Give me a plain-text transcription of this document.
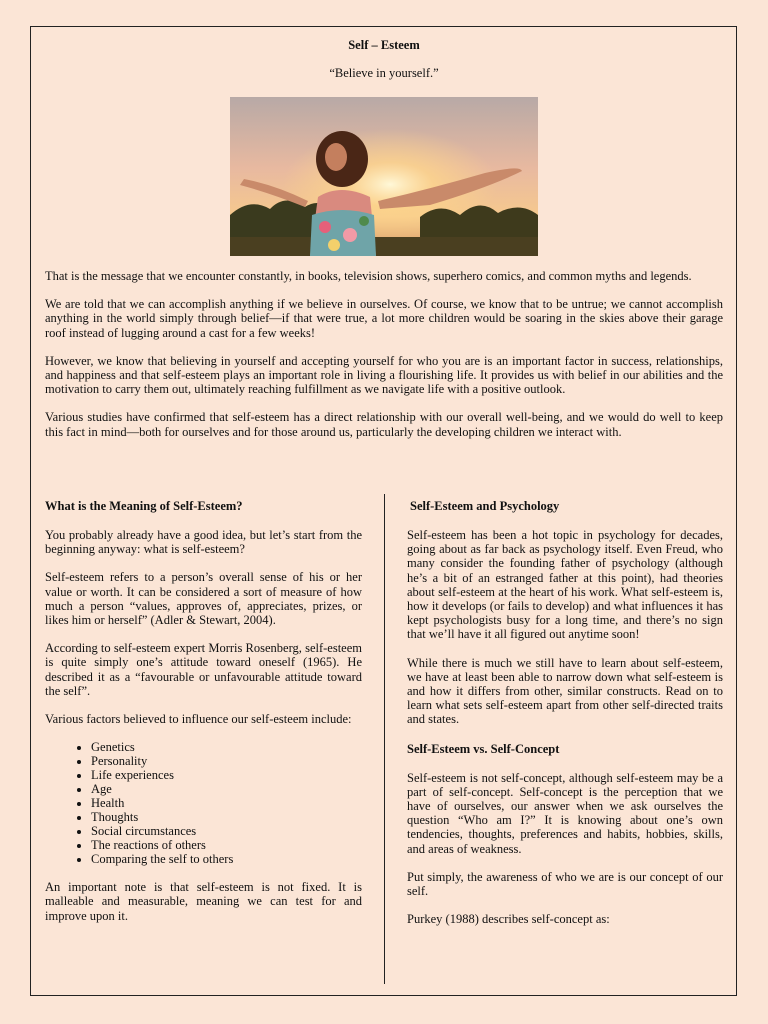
Self – Esteem
“Believe in yourself.”

That is the message that we encounter constantly, in books, television shows, superhero comics, and common myths and legends.

We are told that we can accomplish anything if we believe in ourselves. Of course, we know that to be untrue; we cannot accomplish anything in the world simply through belief—if that were true, a lot more children would be soaring in the skies above their garage roof instead of lugging around a cast for a few weeks!

However, we know that believing in yourself and accepting yourself for who you are is an important factor in success, relationships, and happiness and that self-esteem plays an important role in living a flourishing life. It provides us with belief in our abilities and the motivation to carry them out, ultimately reaching fulfillment as we navigate life with a positive outlook.

Various studies have confirmed that self-esteem has a direct relationship with our overall well-being, and we would do well to keep this fact in mind—both for ourselves and for those around us, particularly the developing children we interact with.

What is the Meaning of Self-Esteem?

You probably already have a good idea, but let’s start from the beginning anyway: what is self-esteem?

Self-esteem refers to a person’s overall sense of his or her value or worth. It can be considered a sort of measure of how much a person “values, approves of, appreciates, prizes, or likes him or herself” (Adler & Stewart, 2004).

According to self-esteem expert Morris Rosenberg, self-esteem is quite simply one’s attitude toward oneself (1965). He described it as a “favourable or unfavourable attitude toward the self”.

Various factors believed to influence our self-esteem include:

• Genetics
• Personality
• Life experiences
• Age
• Health
• Thoughts
• Social circumstances
• The reactions of others
• Comparing the self to others

An important note is that self-esteem is not fixed. It is malleable and measurable, meaning we can test for and improve upon it.

Self-Esteem and Psychology

Self-esteem has been a hot topic in psychology for decades, going about as far back as psychology itself. Even Freud, who many consider the founding father of psychology (although he’s a bit of an estranged father at this point), had theories about self-esteem at the heart of his work. What self-esteem is, how it develops (or fails to develop) and what influences it has kept psychologists busy for a long time, and there’s no sign that we’ll have it all figured out anytime soon!

While there is much we still have to learn about self-esteem, we have at least been able to narrow down what self-esteem is and how it differs from other, similar constructs. Read on to learn what sets self-esteem apart from other self-directed traits and states.

Self-Esteem vs. Self-Concept

Self-esteem is not self-concept, although self-esteem may be a part of self-concept. Self-concept is the perception that we have of ourselves, our answer when we ask ourselves the question “Who am I?” It is knowing about one’s own tendencies, thoughts, preferences and habits, hobbies, skills, and areas of weakness.

Put simply, the awareness of who we are is our concept of our self.

Purkey (1988) describes self-concept as:
